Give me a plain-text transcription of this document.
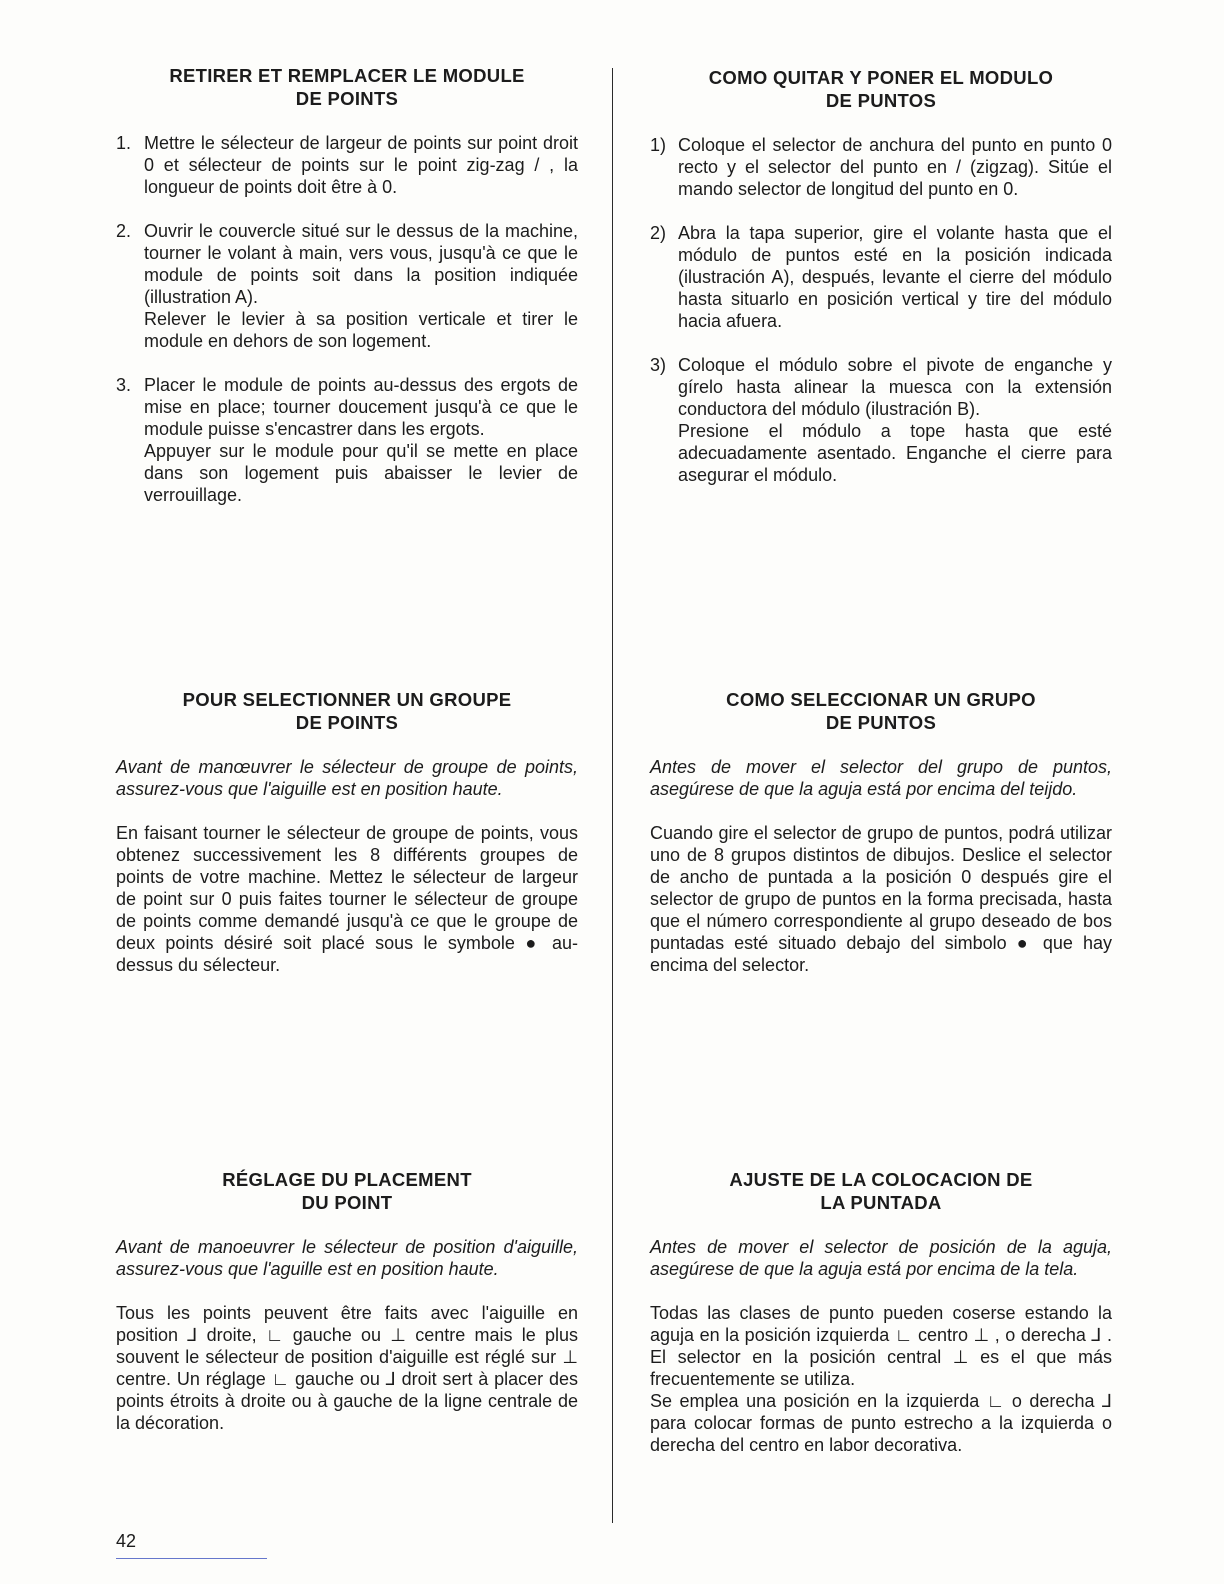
RETIRER ET REMPLACER LE MODULE
DE POINTS
1. Mettre le sélecteur de largeur de points sur point droit 0 et sélecteur de points sur le point zig-zag / , la longueur de points doit être à 0.
2. Ouvrir le couvercle situé sur le dessus de la machine, tourner le volant à main, vers vous, jusqu'à ce que le module de points soit dans la position indiquée (illustration A).
Relever le levier à sa position verticale et tirer le module en dehors de son logement.
3. Placer le module de points au-dessus des ergots de mise en place; tourner doucement jusqu'à ce que le module puisse s'encastrer dans les ergots.
Appuyer sur le module pour qu'il se mette en place dans son logement puis abaisser le levier de verrouillage.
POUR SELECTIONNER UN GROUPE
DE POINTS

Avant de manœuvrer le sélecteur de groupe de points, assurez-vous que l'aiguille est en position haute.

En faisant tourner le sélecteur de groupe de points, vous obtenez successivement les 8 différents groupes de points de votre machine. Mettez le sélecteur de largeur de point sur 0 puis faites tourner le sélecteur de groupe de points comme demandé jusqu'à ce que le groupe de deux points désiré soit placé sous le symbole ● au-dessus du sélecteur.

RÉGLAGE DU PLACEMENT
DU POINT

Avant de manoeuvrer le sélecteur de position d'aiguille, assurez-vous que l'aguille est en position haute.

Tous les points peuvent être faits avec l'aiguille en position ⅃ droite, ∟ gauche ou ⊥ centre mais le plus souvent le sélecteur de position d'aiguille est réglé sur ⊥ centre. Un réglage ∟ gauche ou ⅃ droit sert à placer des points étroits à droite ou à gauche de la ligne centrale de la décoration.

COMO QUITAR Y PONER EL MODULO
DE PUNTOS
1) Coloque el selector de anchura del punto en punto 0 recto y el selector del punto en / (zigzag). Sitúe el mando selector de longitud del punto en 0.
2) Abra la tapa superior, gire el volante hasta que el módulo de puntos esté en la posición indicada (ilustración A), después, levante el cierre del módulo hasta situarlo en posición vertical y tire del módulo hacia afuera.
3) Coloque el módulo sobre el pivote de enganche y gírelo hasta alinear la muesca con la extensión conductora del módulo (ilustración B).
Presione el módulo a tope hasta que esté adecuadamente asentado. Enganche el cierre para asegurar el módulo.
COMO SELECCIONAR UN GRUPO
DE PUNTOS

Antes de mover el selector del grupo de puntos, asegúrese de que la aguja está por encima del teijdo.

Cuando gire el selector de grupo de puntos, podrá utilizar uno de 8 grupos distintos de dibujos. Deslice el selector de ancho de puntada a la posición 0 después gire el selector de grupo de puntos en la forma precisada, hasta que el número correspondiente al grupo deseado de bos puntadas esté situado debajo del simbolo ● que hay encima del selector.

AJUSTE DE LA COLOCACION DE
LA PUNTADA

Antes de mover el selector de posición de la aguja, asegúrese de que la aguja está por encima de la tela.

Todas las clases de punto pueden coserse estando la aguja en la posición izquierda ∟ centro ⊥ , o derecha ⅃ . El selector en la posición central ⊥ es el que más frecuentemente se utiliza.

Se emplea una posición en la izquierda ∟ o derecha ⅃ para colocar formas de punto estrecho a la izquierda o derecha del centro en labor decorativa.

42
